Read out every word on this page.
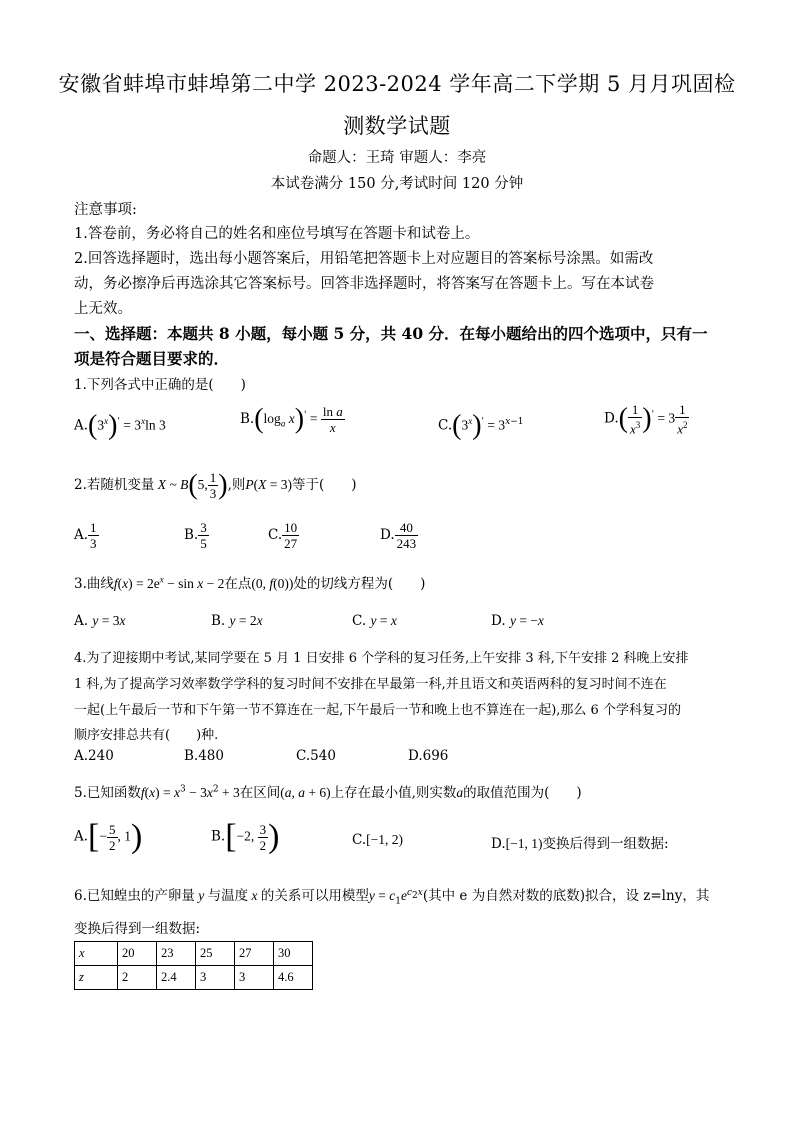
安徽省蚌埠市蚌埠第二中学 2023-2024 学年高二下学期 5 月月巩固检
测数学试题
命题人：王琦 审题人：李亮
本试卷满分 150 分,考试时间 120 分钟
注意事项:
1.答卷前，务必将自己的姓名和座位号填写在答题卡和试卷上。
2.回答选择题时，选出每小题答案后，用铅笔把答题卡上对应题目的答案标号涂黑。如需改
动，务必擦净后再选涂其它答案标号。回答非选择题时，将答案写在答题卡上。写在本试卷
上无效。
一、选择题：本题共 8 小题，每小题 5 分，共 40 分．在每小题给出的四个选项中，只有一
项是符合题目要求的．
1.下列各式中正确的是(　　)
$A.(3^x)' = 3^x\ln$ 3	$B.(\log_a$ $x)' = \frac{\text{ln a}}{x}$	$C.(3^x)' = 3^{x-1}$	$D.( \frac{1}{x^3} )' = 3 \frac{1}{x^2}$
2.若随机变量 X ~ B(5, $\frac{1}{3}$ ),则P(X = 3)等于(　　)
A. $\frac{1}{3}$	B. $\frac{3}{5}$	C. $\frac{10}{27}$	D. $\frac{40}{243}$
3.曲线$f(x) = 2e^x - \sin x - 2$在点(0, f(0))处的切线方程为(　　)
A. y = 3x	B. y = 2x	C. y = x	D. y = −x
4.为了迎接期中考试,某同学要在 5 月 1 日安排 6 个学科的复习任务,上午安排 3 科,下午安排 2 科晚上安排
1 科,为了提高学习效率数学学科的复习时间不安排在早最第一科,并且语文和英语两科的复习时间不连在
一起(上午最后一节和下午第一节不算连在一起,下午最后一节和晚上也不算连在一起),那么 6 个学科复习的
顺序安排总共有(　　)种.
A.240	B.480	C.540	D.696
5.已知函数$f(x) = x^3 - 3x^2 + 3$在区间(a, a + 6)上存在最小值,则实数a的取值范围为(　　)
$A.[- \frac{5}{2}$ , 1)	B.[−2, $\frac{3}{2}$ )	C.[−1, 2)	D.[−1, 1)变换后得到一组数据:
6.已知蝗虫的产卵量 y 与温度 x 的关系可以用模型$y = c_1e^{c_2x}$(其中 e 为自然对数的底数)拟合，设 z=lny，其
变换后得到一组数据:
x	20	23	25	27	30
z	2	2.4	3	3	4.6
